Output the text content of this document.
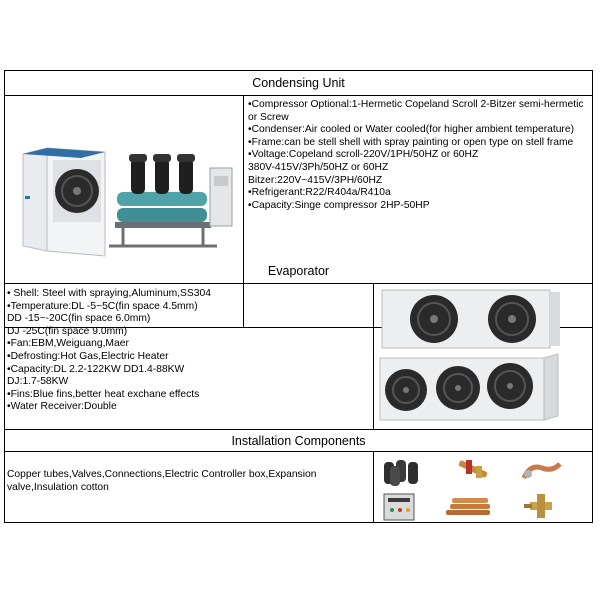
Condensing Unit
•Compressor Optional:1-Hermetic Copeland Scroll 2-Bitzer semi-hermetic or Screw
•Condenser:Air cooled or Water cooled(for higher ambient temperature)
•Frame:can be stell shell with spray painting or open type on stell frame
•Voltage:Copeland scroll-220V/1PH/50HZ or 60HZ
380V-415V/3Ph/50HZ or 60HZ
Bitzer:220V~415V/3PH/60HZ
•Refrigerant:R22/R404a/R410a
•Capacity:Singe compressor 2HP-50HP
Evaporator
• Shell: Steel with spraying,Aluminum,SS304
•Temperature:DL -5~5C(fin space 4.5mm)
DD -15~-20C(fin space 6.0mm)
DJ -25C(fin space 9.0mm)
•Fan:EBM,Weiguang,Maer
•Defrosting:Hot Gas,Electric Heater
•Capacity:DL 2.2-122KW DD1.4-88KW
DJ:1.7-58KW
•Fins:Blue fins,better heat exchane effects
•Water Receiver:Double
Installation Components
Copper tubes,Valves,Connections,Electric Controller box,Expansion valve,Insulation cotton
